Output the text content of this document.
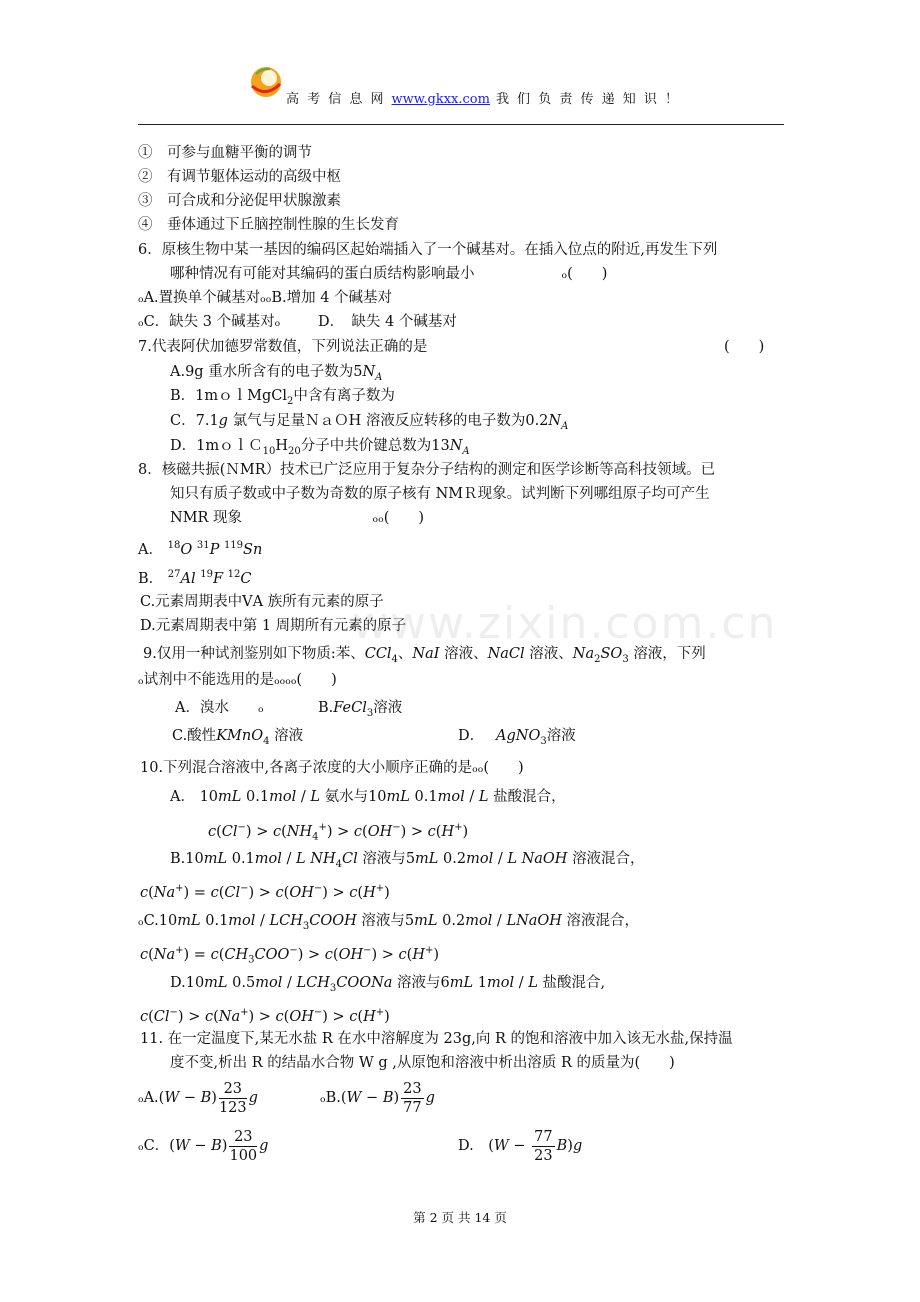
高 考 信 息 网 www.gkxx.com 我 们 负 责 传 递 知 识 ！
①　可参与血糖平衡的调节
②　有调节躯体运动的高级中枢
③　可合成和分泌促甲状腺激素
④　垂体通过下丘脑控制性腺的生长发育
6．原核生物中某一基因的编码区起始端插入了一个碱基对。在插入位点的附近,再发生下列
哪种情况有可能对其编码的蛋白质结构影响最小　　　　　　ₒ(　　)
ₒA.置换单个碱基对ₒₒB.增加 4 个碱基对
ₒC．缺失 3 个碱基对ₒ	D．　缺失 4 个碱基对
7.代表阿伏加德罗常数值，下列说法正确的是	(　　)
A.9g 重水所含有的电子数为$5N_A$
B．1mｏｌMgCl$_2$中含有离子数为
C．7.1g 氯气与足量ＮａＯH 溶液反应转移的电子数为$0.2N_A$
D．$1molC_{10}H_{20}$分子中共价键总数为$13N_A$
8．核磁共振(ＮMR）技术已广泛应用于复杂分子结构的测定和医学诊断等高科技领域。已
知只有质子数或中子数为奇数的原子核有 NMＲ现象。试判断下列哪组原子均可产生
NMR 现象　　　　　　　　　ₒₒ(　　)
A． $^{18}$O $^{31}$P $^{119}$Sn
B． $^{27}$Al $^{19}$F $^{12}$C
C.元素周期表中ⅤA 族所有元素的原子
D.元素周期表中第 1 周期所有元素的原子
www.zixin.com.cn
9.仅用一种试剂鉴别如下物质:苯、CCl$_4$、NaI 溶液、NaCl 溶液、$Na_2SO_3$ 溶液，下列
ₒ试剂中不能选用的是ₒₒₒₒ(　　)
A．溴水　　ₒ	B.FeCl$_3$溶液
C.酸性KMnO$_4$ 溶液	D．　 AgNO$_3$溶液
10.下列混合溶液中,各离子浓度的大小顺序正确的是ₒₒ(　　)
A． 10mL 0.1mol / L 氨水与10mL 0.1mol / L 盐酸混合，
$c(Cl^-) > c(NH_4^+) > c(OH^-) > c(H^+)$
B.10mL 0.1mol / L $NH_4Cl$ 溶液与5mL 0.2mol / L NaOH 溶液混合，
c(Na+) = c(Cl−) > c(OH−) > c(H+)
ₒC.10mL $0.1mol / LCH_3COOH$ 溶液与5mL 0.2mol / LNaOH 溶液混合，
$c(Na^+) = c(CH_3COO^-) > c(OH^-) > c(H^+)$
D.10mL $0.5mol / LCH_3COONa$ 溶液与6mL 1mol / L 盐酸混合,
c(Cl−) > c(Na+) > c(OH−) > c(H+)
11. 在一定温度下,某无水盐 R 在水中溶解度为 23g,向 R 的饱和溶液中加入该无水盐,保持温
度不变,析出 R 的结晶水合物 W g ,从原饱和溶液中析出溶质 R 的质量为(　　)
$_oA.(W - B) \frac{23}{123}$ g	$_oB.(W - B) \frac{23}{77}$ g
ₒC．$(W - B) \frac{23}{100}$ g	D.　$(W - \frac{77}{23} B)g$
第 2 页 共 14 页
